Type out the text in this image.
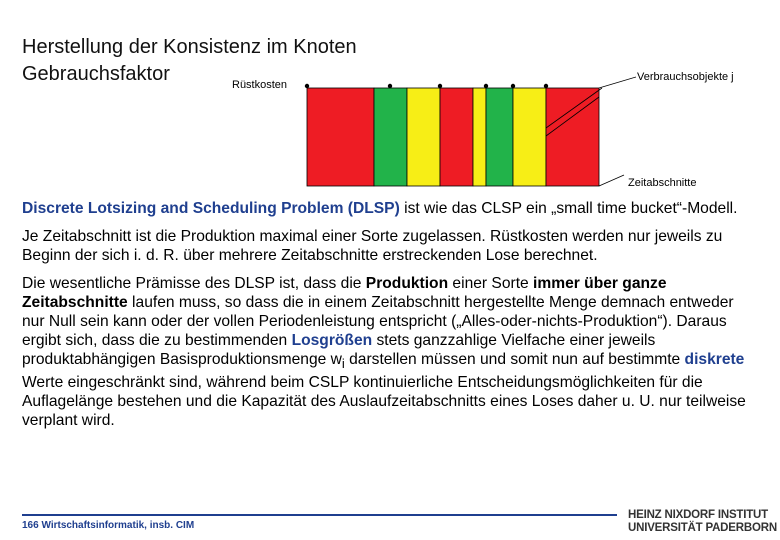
Herstellung der Konsistenz im Knoten
Gebrauchsfaktor	Rüstkosten
Verbrauchsobjekte j
Zeitabschnitte

Discrete Lotsizing and Scheduling Problem (DLSP) ist wie das CLSP ein „small time bucket“-Modell.

Je Zeitabschnitt ist die Produktion maximal einer Sorte zugelassen. Rüstkosten werden nur jeweils zu Beginn der sich i. d. R. über mehrere Zeitabschnitte erstreckenden Lose berechnet.

Die wesentliche Prämisse des DLSP ist, dass die Produktion einer Sorte immer über ganze Zeitabschnitte laufen muss, so dass die in einem Zeitabschnitt hergestellte Menge demnach entweder nur Null sein kann oder der vollen Periodenleistung entspricht („Alles-oder-nichts-Produktion“). Daraus ergibt sich, dass die zu bestimmenden Losgrößen stets ganzzahlige Vielfache einer jeweils produktabhängigen Basisproduktionsmenge $w_i$ darstellen müssen und somit nun auf bestimmte diskrete Werte eingeschränkt sind, während beim CSLP kontinuierliche Entscheidungsmöglichkeiten für die Auflagelänge bestehen und die Kapazität des Auslaufzeitabschnitts eines Loses daher u. U. nur teilweise verplant wird.

166 Wirtschaftsinformatik, insb. CIM
HEINZ NIXDORF INSTITUT
UNIVERSITÄT PADERBORN
